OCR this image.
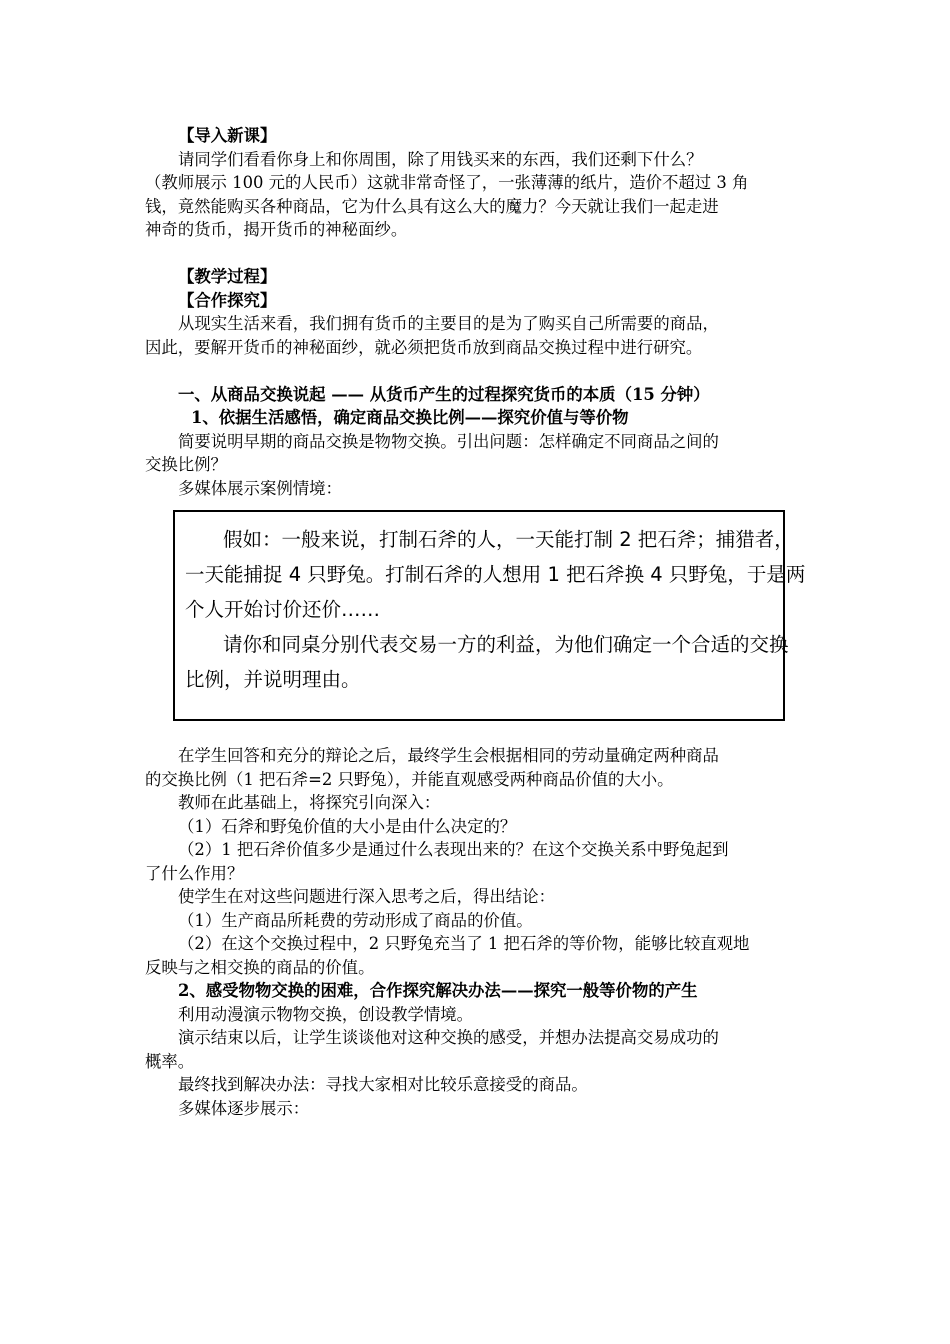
【导入新课】

请同学们看看你身上和你周围，除了用钱买来的东西，我们还剩下什么？

（教师展示 100 元的人民币）这就非常奇怪了，一张薄薄的纸片，造价不超过 3 角

钱，竟然能购买各种商品，它为什么具有这么大的魔力？今天就让我们一起走进

神奇的货币，揭开货币的神秘面纱。

【教学过程】

【合作探究】

从现实生活来看，我们拥有货币的主要目的是为了购买自己所需要的商品，

因此，要解开货币的神秘面纱，就必须把货币放到商品交换过程中进行研究。

一、从商品交换说起 —— 从货币产生的过程探究货币的本质（15 分钟）

1、依据生活感悟，确定商品交换比例——探究价值与等价物

简要说明早期的商品交换是物物交换。引出问题：怎样确定不同商品之间的

交换比例？

多媒体展示案例情境：

假如：一般来说，打制石斧的人，一天能打制 2 把石斧；捕猎者，

一天能捕捉 4 只野兔。打制石斧的人想用 1 把石斧换 4 只野兔，于是两

个人开始讨价还价……

请你和同桌分别代表交易一方的利益，为他们确定一个合适的交换

比例，并说明理由。

在学生回答和充分的辩论之后，最终学生会根据相同的劳动量确定两种商品

的交换比例（1 把石斧=2 只野兔），并能直观感受两种商品价值的大小。

教师在此基础上，将探究引向深入：

（1）石斧和野兔价值的大小是由什么决定的？

（2）1 把石斧价值多少是通过什么表现出来的？在这个交换关系中野兔起到

了什么作用？

使学生在对这些问题进行深入思考之后，得出结论：

（1）生产商品所耗费的劳动形成了商品的价值。

（2）在这个交换过程中，2 只野兔充当了 1 把石斧的等价物，能够比较直观地

反映与之相交换的商品的价值。

2、感受物物交换的困难，合作探究解决办法——探究一般等价物的产生

利用动漫演示物物交换，创设教学情境。

演示结束以后，让学生谈谈他对这种交换的感受，并想办法提高交易成功的

概率。

最终找到解决办法：寻找大家相对比较乐意接受的商品。

多媒体逐步展示：
